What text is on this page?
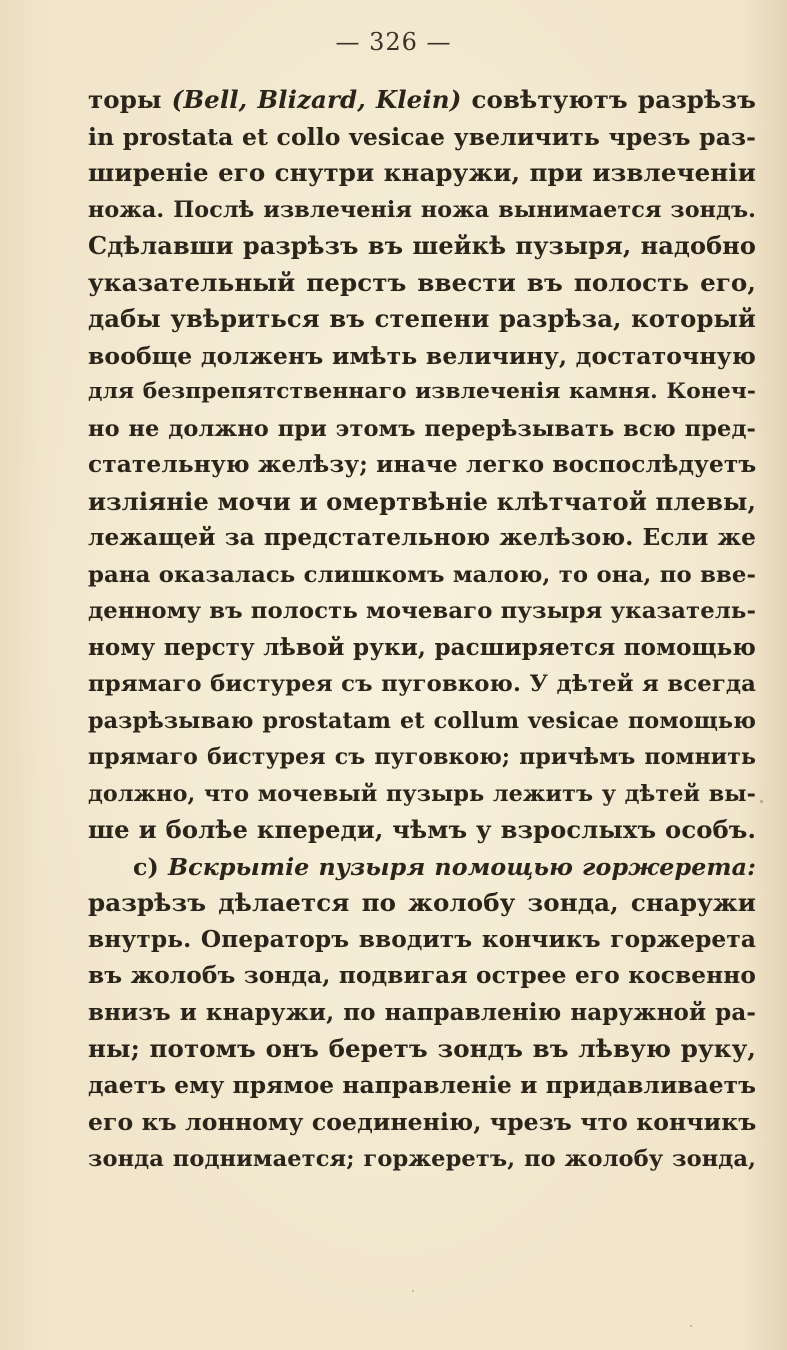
— 326 —
торы (Bell, Blizard, Klein) совѣтуютъ разрѣзъ
in prostata et collo vesicae увеличить чрезъ раз-
ширеніе его снутри кнаружи, при извлеченіи
ножа. Послѣ извлеченія ножа вынимается зондъ.
Сдѣлавши разрѣзъ въ шейкѣ пузыря, надобно
указательный перстъ ввести въ полость его,
дабы увѣриться въ степени разрѣза, который
вообще долженъ имѣть величину, достаточную
для безпрепятственнаго извлеченія камня. Конеч-
но не должно при этомъ перерѣзывать всю пред-
стательную желѣзу; иначе легко воспослѣдуетъ
изліяніе мочи и омертвѣніе клѣтчатой плевы,
лежащей за предстательною желѣзою. Если же
рана оказалась слишкомъ малою, то она, по вве-
денному въ полость мочеваго пузыря указатель-
ному персту лѣвой руки, расширяется помощью
прямаго бистурея съ пуговкою. У дѣтей я всегда
разрѣзываю prostatam et collum vesicae помощью
прямаго бистурея съ пуговкою; причѣмъ помнить
должно, что мочевый пузырь лежитъ у дѣтей вы-
ше и болѣе кпереди, чѣмъ у взрослыхъ особъ.
c) Вскрытіе пузыря помощью горжерета:
разрѣзъ дѣлается по жолобу зонда, снаружи
внутрь. Операторъ вводитъ кончикъ горжерета
въ жолобъ зонда, подвигая острее его косвенно
внизъ и кнаружи, по направленію наружной ра-
ны; потомъ онъ беретъ зондъ въ лѣвую руку,
даетъ ему прямое направленіе и придавливаетъ
его къ лонному соединенію, чрезъ что кончикъ
зонда поднимается; горжеретъ, по жолобу зонда,
